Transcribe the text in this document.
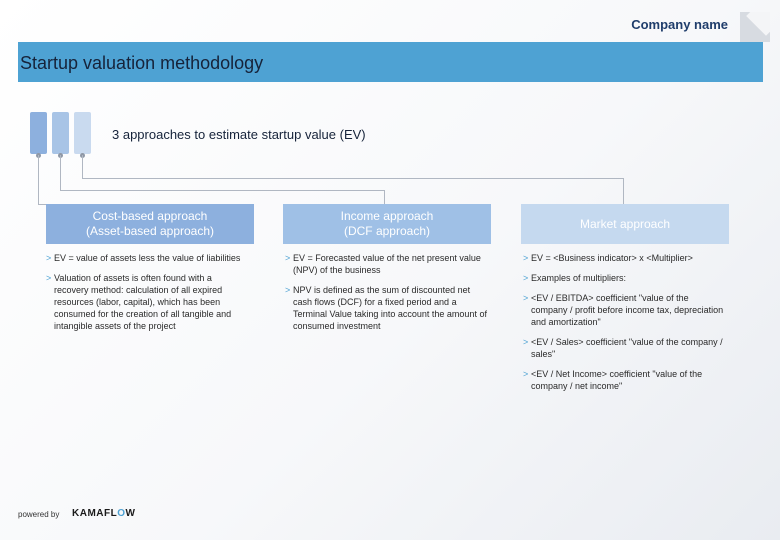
Company name
Startup valuation methodology
3 approaches to estimate startup value (EV)
Cost-based approach
(Asset-based approach)
Income approach
(DCF approach)
Market approach
> EV = value of assets less the value of liabilities
> Valuation of assets is often found with a recovery method: calculation of all expired resources (labor, capital), which has been consumed for the creation of all tangible and intangible assets of the project
> EV = Forecasted value of the net present value (NPV) of the business
> NPV is defined as the sum of discounted net cash flows (DCF) for a fixed period and a Terminal Value taking into account the amount of consumed investment
> EV = <Business indicator> x <Multiplier>
> Examples of multipliers:
> <EV / EBITDA> coefficient "value of the company / profit before income tax, depreciation and amortization"
> <EV / Sales> coefficient "value of the company / sales"
> <EV / Net Income> coefficient "value of the company / net income"
powered by KAMAFLOW
